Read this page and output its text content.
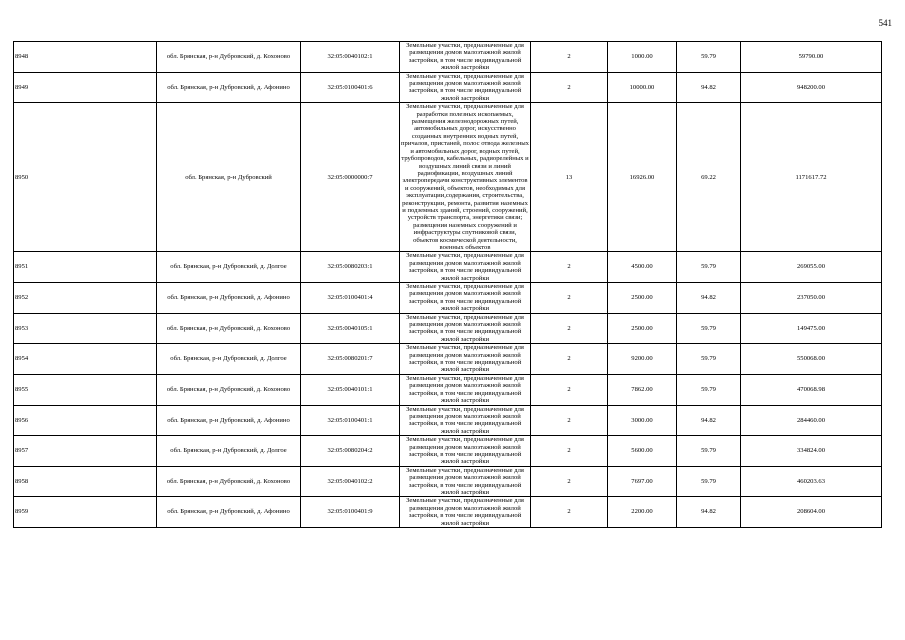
541
8948	обл. Брянская, р-н Дубровский, д. Кохоново	32:05:0040102:1	Земельные участки, предназначенные для размещения домов малоэтажной жилой застройки, в том числе индивидуальной жилой застройки	2	1000.00	59.79	59790.00
8949	обл. Брянская, р-н Дубровский, д. Афонино	32:05:0100401:6	Земельные участки, предназначенные для размещения домов малоэтажной жилой застройки, в том числе индивидуальной жилой застройки	2	10000.00	94.82	948200.00
8950	обл. Брянская, р-н Дубровский	32:05:0000000:7	Земельные участки, предназначенные для разработки полезных ископаемых, размещения железнодорожных путей, автомобильных дорог, искусственно созданных внутренних водных путей, причалов, пристаней, полос отвода железных и автомобильных дорог, водных путей, трубопроводов, кабельных, радиорелейных и воздушных линий связи и линий радиофикации, воздушных линий электропередачи конструктивных элементов и сооружений, объектов, необходимых для эксплуатации,содержания, строительства, реконструкции, ремонта, развития наземных и подземных зданий, строений, сооружений, устройств транспорта, энергетики связи; размещения наземных сооружений и инфраструктуры спутниковой связи, объектов космической деятельности, военных объектов	13	16926.00	69.22	1171617.72
8951	обл. Брянская, р-н Дубровский, д. Долгое	32:05:0080203:1	Земельные участки, предназначенные для размещения домов малоэтажной жилой застройки, в том числе индивидуальной жилой застройки	2	4500.00	59.79	269055.00
8952	обл. Брянская, р-н Дубровский, д. Афонино	32:05:0100401:4	Земельные участки, предназначенные для размещения домов малоэтажной жилой застройки, в том числе индивидуальной жилой застройки	2	2500.00	94.82	237050.00
8953	обл. Брянская, р-н Дубровский, д. Кохоново	32:05:0040105:1	Земельные участки, предназначенные для размещения домов малоэтажной жилой застройки, в том числе индивидуальной жилой застройки	2	2500.00	59.79	149475.00
8954	обл. Брянская, р-н Дубровский, д. Долгое	32:05:0080201:7	Земельные участки, предназначенные для размещения домов малоэтажной жилой застройки, в том числе индивидуальной жилой застройки	2	9200.00	59.79	550068.00
8955	обл. Брянская, р-н Дубровский, д. Кохоново	32:05:0040101:1	Земельные участки, предназначенные для размещения домов малоэтажной жилой застройки, в том числе индивидуальной жилой застройки	2	7862.00	59.79	470068.98
8956	обл. Брянская, р-н Дубровский, д. Афонино	32:05:0100401:1	Земельные участки, предназначенные для размещения домов малоэтажной жилой застройки, в том числе индивидуальной жилой застройки	2	3000.00	94.82	284460.00
8957	обл. Брянская, р-н Дубровский, д. Долгое	32:05:0080204:2	Земельные участки, предназначенные для размещения домов малоэтажной жилой застройки, в том числе индивидуальной жилой застройки	2	5600.00	59.79	334824.00
8958	обл. Брянская, р-н Дубровский, д. Кохоново	32:05:0040102:2	Земельные участки, предназначенные для размещения домов малоэтажной жилой застройки, в том числе индивидуальной жилой застройки	2	7697.00	59.79	460203.63
8959	обл. Брянская, р-н Дубровский, д. Афонино	32:05:0100401:9	Земельные участки, предназначенные для размещения домов малоэтажной жилой застройки, в том числе индивидуальной жилой застройки	2	2200.00	94.82	208604.00
